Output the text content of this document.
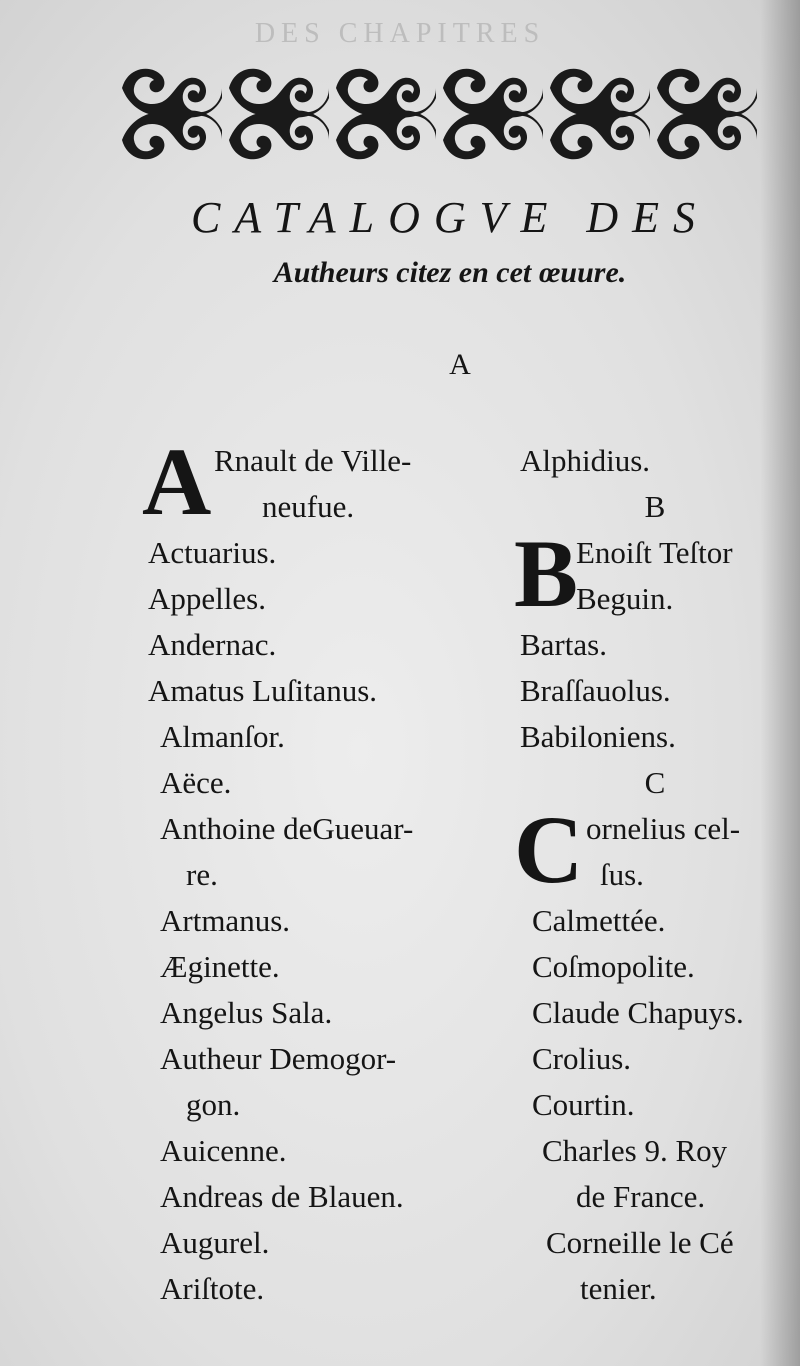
DES CHAPITRES
CATALOGVE DES
Autheurs citez en cet œuure.
A
A Rnault de Ville-
neufue.
Actuarius.
Appelles.
Andernac.
Amatus Luſitanus.
Almanſor.
Aëce.
Anthoine deGueuar-
re.
Artmanus.
Æginette.
Angelus Sala.
Autheur Demogor-
gon.
Auicenne.
Andreas de Blauen.
Augurel.
Ariſtote.
Alphidius.
B
B
Enoiſt Teſtor
Beguin.
Bartas.
Braſſauolus.
Babiloniens.
C
C ornelius cel-
ſus.
Calmettée.
Coſmopolite.
Claude Chapuys.
Crolius.
Courtin.
Charles 9. Roy
de France.
Corneille le Cé
tenier.
